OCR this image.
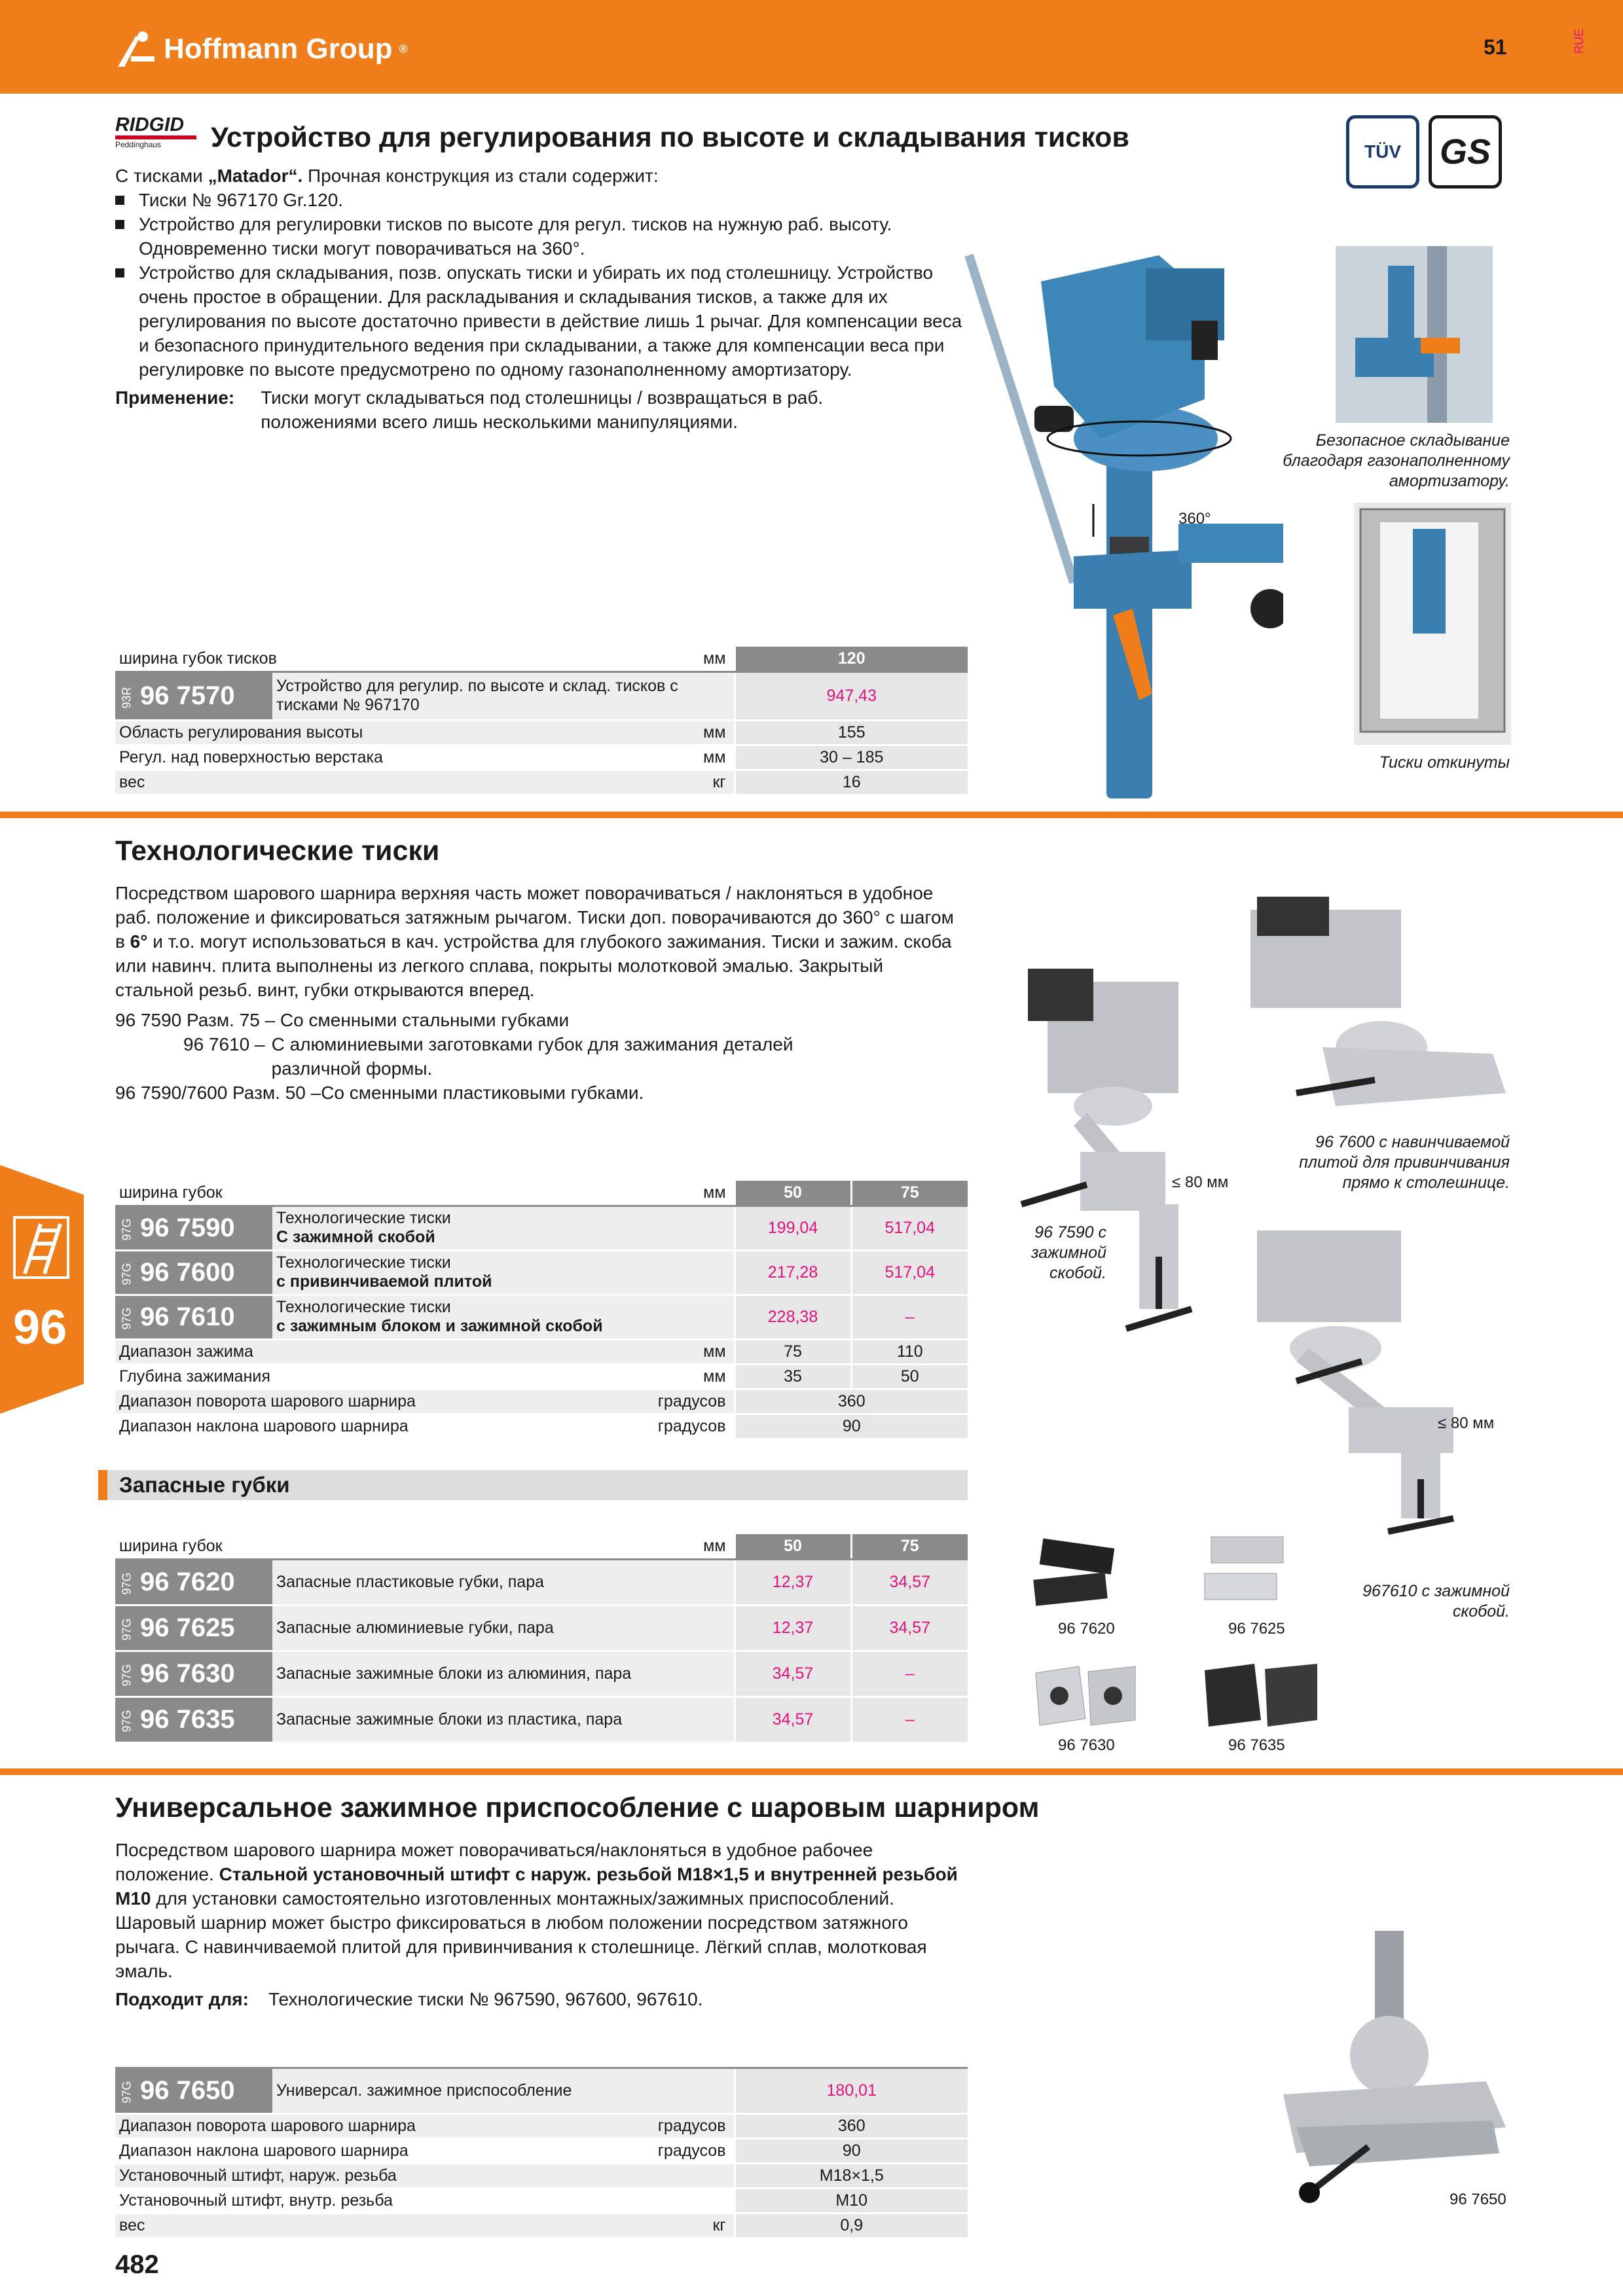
Hoffmann Group ®	51	RUE
RIDGID
Peddinghaus	Устройство для регулирования по высоте и складывания тисков	TÜV	GS
С тисками „Matador“. Прочная конструкция из стали содержит:
Тиски № 967170 Gr.120.
Устройство для регулировки тисков по высоте для регул. тисков на нужную раб. высоту. Одновременно тиски могут поворачиваться на 360°.
Устройство для складывания, позв. опускать тиски и убирать их под столешницу. Устройство очень простое в обращении. Для раскладывания и складывания тисков, а также для их регулирования по высоте достаточно привести в действие лишь 1 рычаг. Для компенсации веса и безопасного принудительного ведения при складывании, а также для компенсации веса при регулировке по высоте предусмотрено по одному газонаполненному амортизатору.
Применение: Тиски могут складываться под столешницы / возвращаться в раб. положениями всего лишь несколькими манипуляциями.
360°
Безопасное складывание благодаря газонаполненному амортизатору.
Тиски откинуты
ширина губок тисков		мм	120
93R 96 7570	Устройство для регулир. по высоте и склад. тисков с тисками № 967170		947,43
Область регулирования высоты		мм	155
Регул. над поверхностью верстака		мм	30 – 185
вес		кг	16
Технологические тиски
Посредством шарового шарнира верхняя часть может поворачиваться / наклоняться в удобное раб. положение и фиксироваться затяжным рычагом. Тиски доп. поворачиваются до 360° с шагом в 6° и т.о. могут использоваться в кач. устройства для глубокого зажимания. Тиски и зажим. скоба или навинч. плита выполнены из легкого сплава, покрыты молотковой эмалью. Закрытый стальной резьб. винт, губки открываются вперед.
96 7590 Разм. 75 – Со сменными стальными губками
96 7610 – С алюминиевыми заготовками губок для зажимания деталей различной формы.
96 7590/7600 Разм. 50 –Со сменными пластиковыми губками.
≤ 80 мм
≤ 80 мм
96 7600 с навинчиваемой плитой для привинчивания прямо к столешнице.
96 7590 с зажимной скобой.
967610 с зажимной скобой.
ширина губок		мм	50	75
97G 96 7590	Технологические тиски
С зажимной скобой		199,04	517,04
97G 96 7600	Технологические тиски
с привинчиваемой плитой		217,28	517,04
97G 96 7610	Технологические тиски
с зажимным блоком и зажимной скобой		228,38	–
Диапазон зажима		мм	75	110
Глубина зажимания		мм	35	50
Диапазон поворота шарового шарнира		градусов	360	
Диапазон наклона шарового шарнира		градусов	90	
Запасные губки
ширина губок		мм	50	75
97G 96 7620	Запасные пластиковые губки, пара		12,37	34,57
97G 96 7625	Запасные алюминиевые губки, пара		12,37	34,57
97G 96 7630	Запасные зажимные блоки из алюминия, пара		34,57	–
97G 96 7635	Запасные зажимные блоки из пластика, пара		34,57	–
96 7620	96 7625
96 7630	96 7635
Универсальное зажимное приспособление с шаровым шарниром
Посредством шарового шарнира может поворачиваться/наклоняться в удобное рабочее положение. Стальной установочный штифт с наруж. резьбой М18×1,5 и внутренней резьбой М10 для установки самостоятельно изготовленных монтажных/зажимных приспособлений. Шаровый шарнир может быстро фиксироваться в любом положении посредством затяжного рычага. С навинчиваемой плитой для привинчивания к столешнице. Лёгкий сплав, молотковая эмаль.
Подходит для: Технологические тиски № 967590, 967600, 967610.
96 7650
97G 96 7650	Универсал. зажимное приспособление		180,01
Диапазон поворота шарового шарнира		градусов	360
Диапазон наклона шарового шарнира		градусов	90
Установочный штифт, наруж. резьба			M18×1,5
Установочный штифт, внутр. резьба			M10
вес		кг	0,9
96
482
